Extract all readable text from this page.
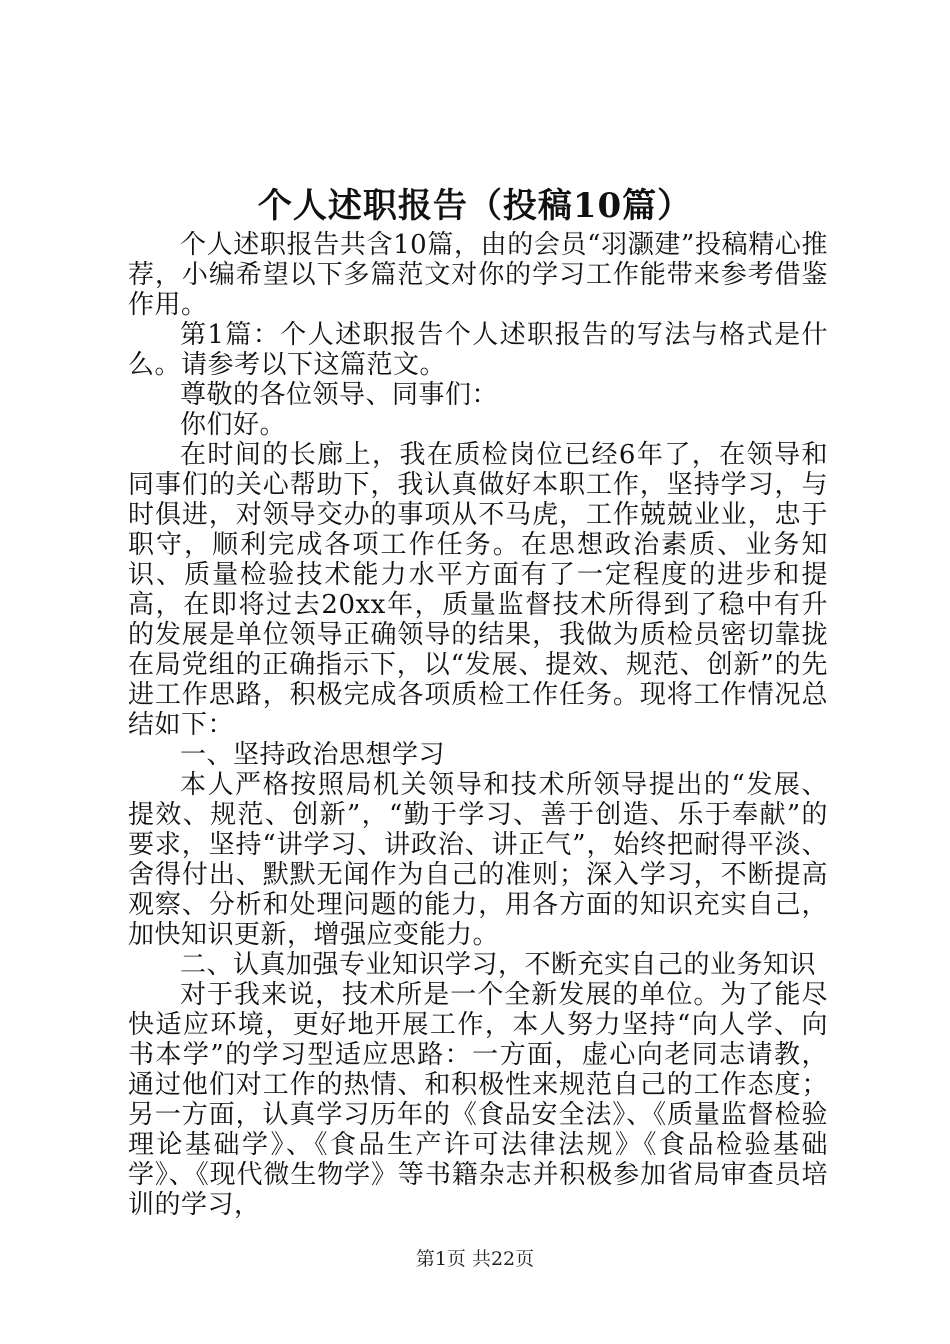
个人述职报告（投稿10篇）

个人述职报告共含10篇，由的会员“羽灏建”投稿精心推荐，小编希望以下多篇范文对你的学习工作能带来参考借鉴作用。

第1篇：个人述职报告个人述职报告的写法与格式是什么。请参考以下这篇范文。

尊敬的各位领导、同事们：

你们好。

在时间的长廊上，我在质检岗位已经6年了，在领导和同事们的关心帮助下，我认真做好本职工作，坚持学习，与时俱进，对领导交办的事项从不马虎，工作兢兢业业，忠于职守，顺利完成各项工作任务。在思想政治素质、业务知识、质量检验技术能力水平方面有了一定程度的进步和提高，在即将过去20xx年，质量监督技术所得到了稳中有升的发展是单位领导正确领导的结果，我做为质检员密切靠拢在局党组的正确指示下，以“发展、提效、规范、创新”的先进工作思路，积极完成各项质检工作任务。现将工作情况总结如下：

一、坚持政治思想学习

本人严格按照局机关领导和技术所领导提出的“发展、提效、规范、创新”，“勤于学习、善于创造、乐于奉献”的要求，坚持“讲学习、讲政治、讲正气”，始终把耐得平淡、舍得付出、默默无闻作为自己的准则；深入学习，不断提高观察、分析和处理问题的能力，用各方面的知识充实自己，加快知识更新，增强应变能力。

二、认真加强专业知识学习，不断充实自己的业务知识

对于我来说，技术所是一个全新发展的单位。为了能尽快适应环境，更好地开展工作，本人努力坚持“向人学、向书本学”的学习型适应思路：一方面，虚心向老同志请教，通过他们对工作的热情、和积极性来规范自己的工作态度；另一方面，认真学习历年的《食品安全法》、《质量监督检验理论基础学》、《食品生产许可法律法规》《食品检验基础学》、《现代微生物学》等书籍杂志并积极参加省局审查员培训的学习，

第1页 共22页
